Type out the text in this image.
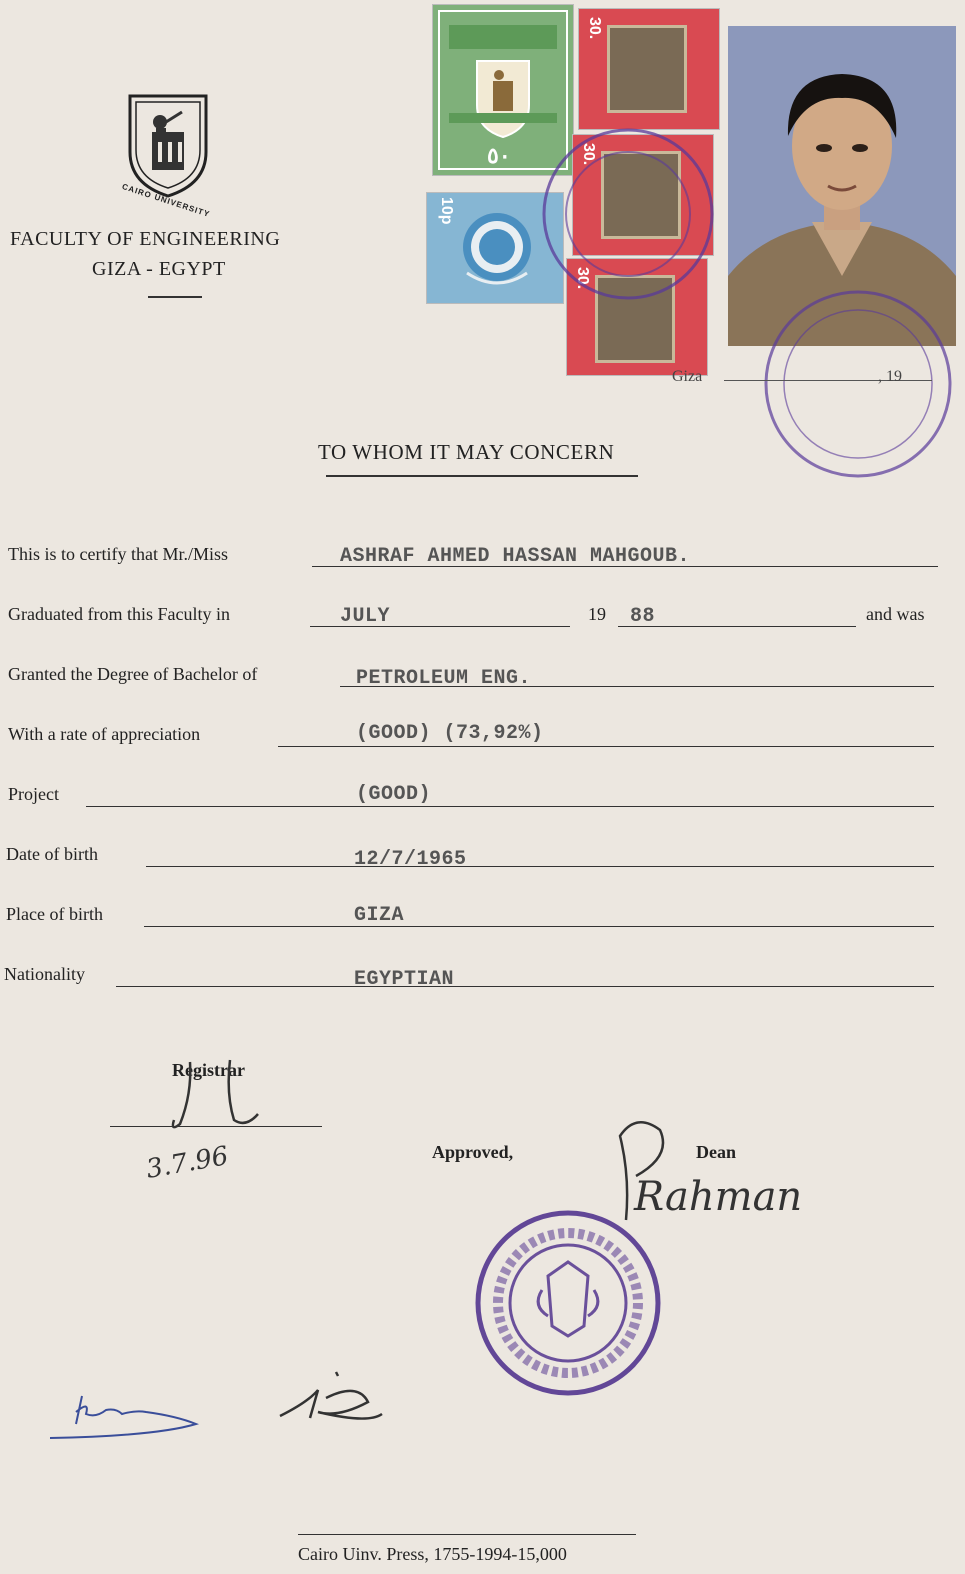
CAIRO UNIVERSITY
FACULTY OF ENGINEERING
GIZA - EGYPT
٥٠
10p
30.
30.
30.
Giza	, 19
TO WHOM IT MAY CONCERN
This is to certify that Mr./Miss	ASHRAF AHMED HASSAN MAHGOUB.
Graduated from this Faculty in	JULY	19 88	and was
Granted the Degree of Bachelor of	PETROLEUM ENG.
With a rate of appreciation	(GOOD) (73,92%)
Project	(GOOD)
Date of birth	12/7/1965
Place of birth	GIZA
Nationality	EGYPTIAN
Registrar
3.7.96	Approved,	Dean
Rahman
Cairo Uinv. Press, 1755-1994-15,000
